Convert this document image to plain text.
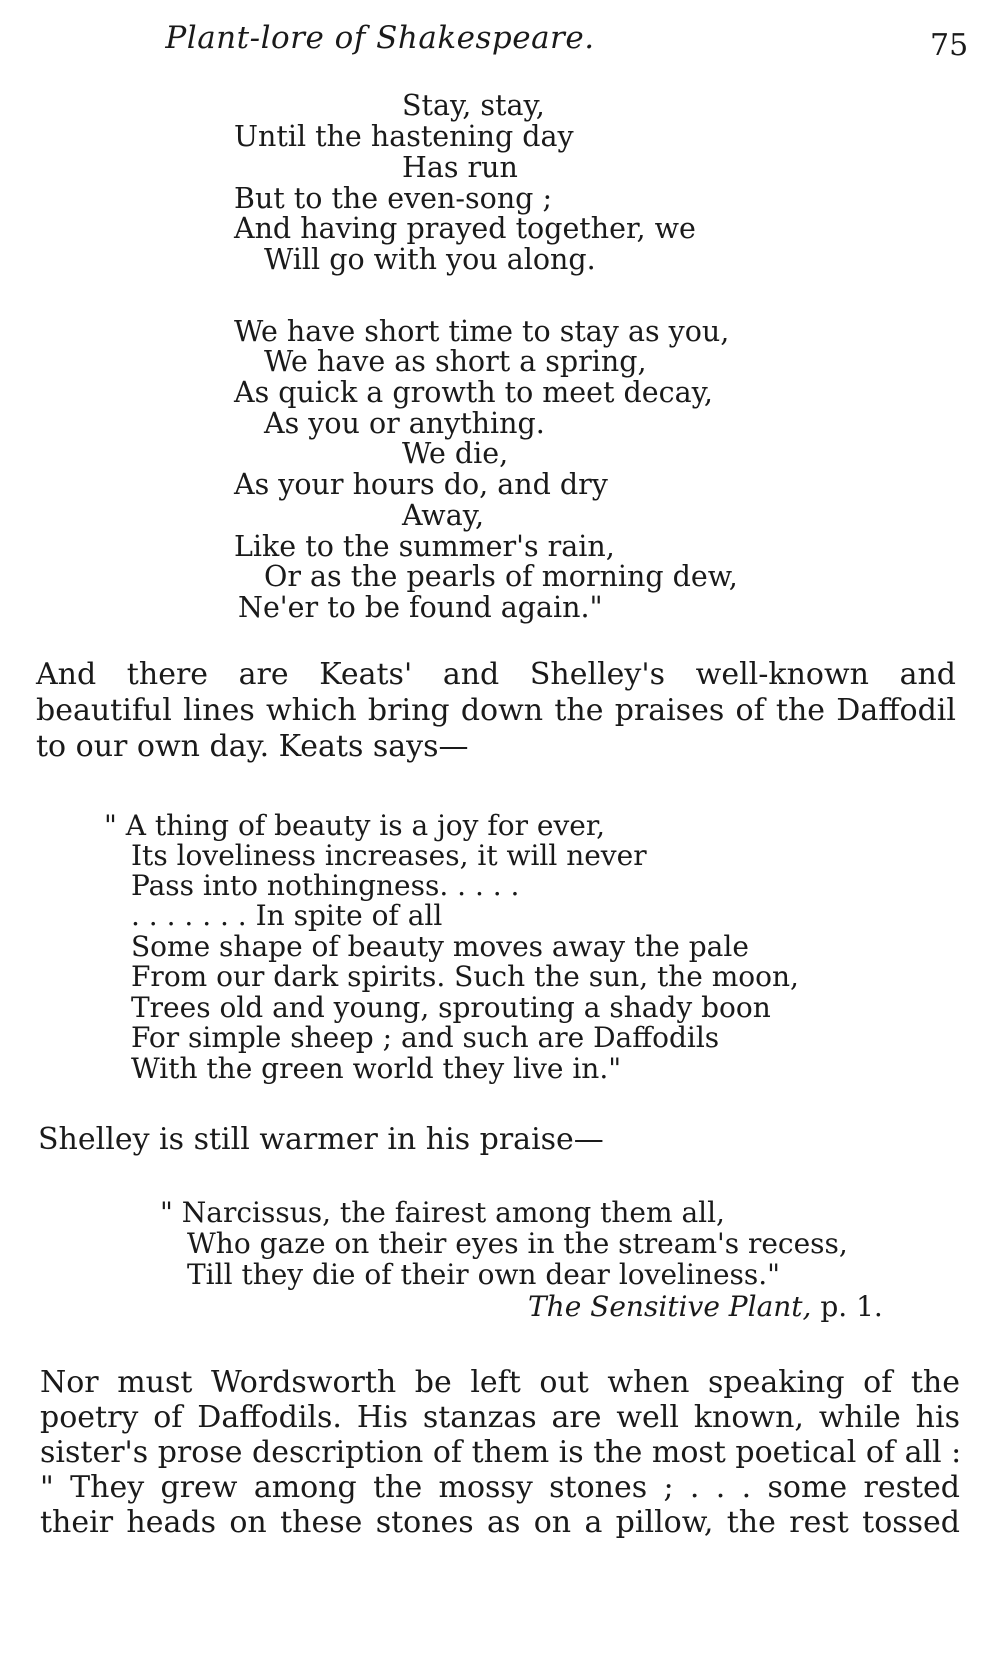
Plant-lore of Shakespeare.	75
Stay, stay,
Until the hastening day
Has run
But to the even-song ;
And having prayed together, we
Will go with you along.
We have short time to stay as you,
We have as short a spring,
As quick a growth to meet decay,
As you or anything.
We die,
As your hours do, and dry
Away,
Like to the summer's rain,
Or as the pearls of morning dew,
Ne'er to be found again."
And there are Keats' and Shelley's well-known and
beautiful lines which bring down the praises of the Daffodil
to our own day. Keats says—
" A thing of beauty is a joy for ever,
Its loveliness increases, it will never
Pass into nothingness. . . . .
. . . . . . . In spite of all
Some shape of beauty moves away the pale
From our dark spirits. Such the sun, the moon,
Trees old and young, sprouting a shady boon
For simple sheep ; and such are Daffodils
With the green world they live in."
Shelley is still warmer in his praise—
" Narcissus, the fairest among them all,
Who gaze on their eyes in the stream's recess,
Till they die of their own dear loveliness."
The Sensitive Plant, p. 1.
Nor must Wordsworth be left out when speaking of the
poetry of Daffodils. His stanzas are well known, while his
sister's prose description of them is the most poetical of all :
" They grew among the mossy stones ; . . . some rested
their heads on these stones as on a pillow, the rest tossed
